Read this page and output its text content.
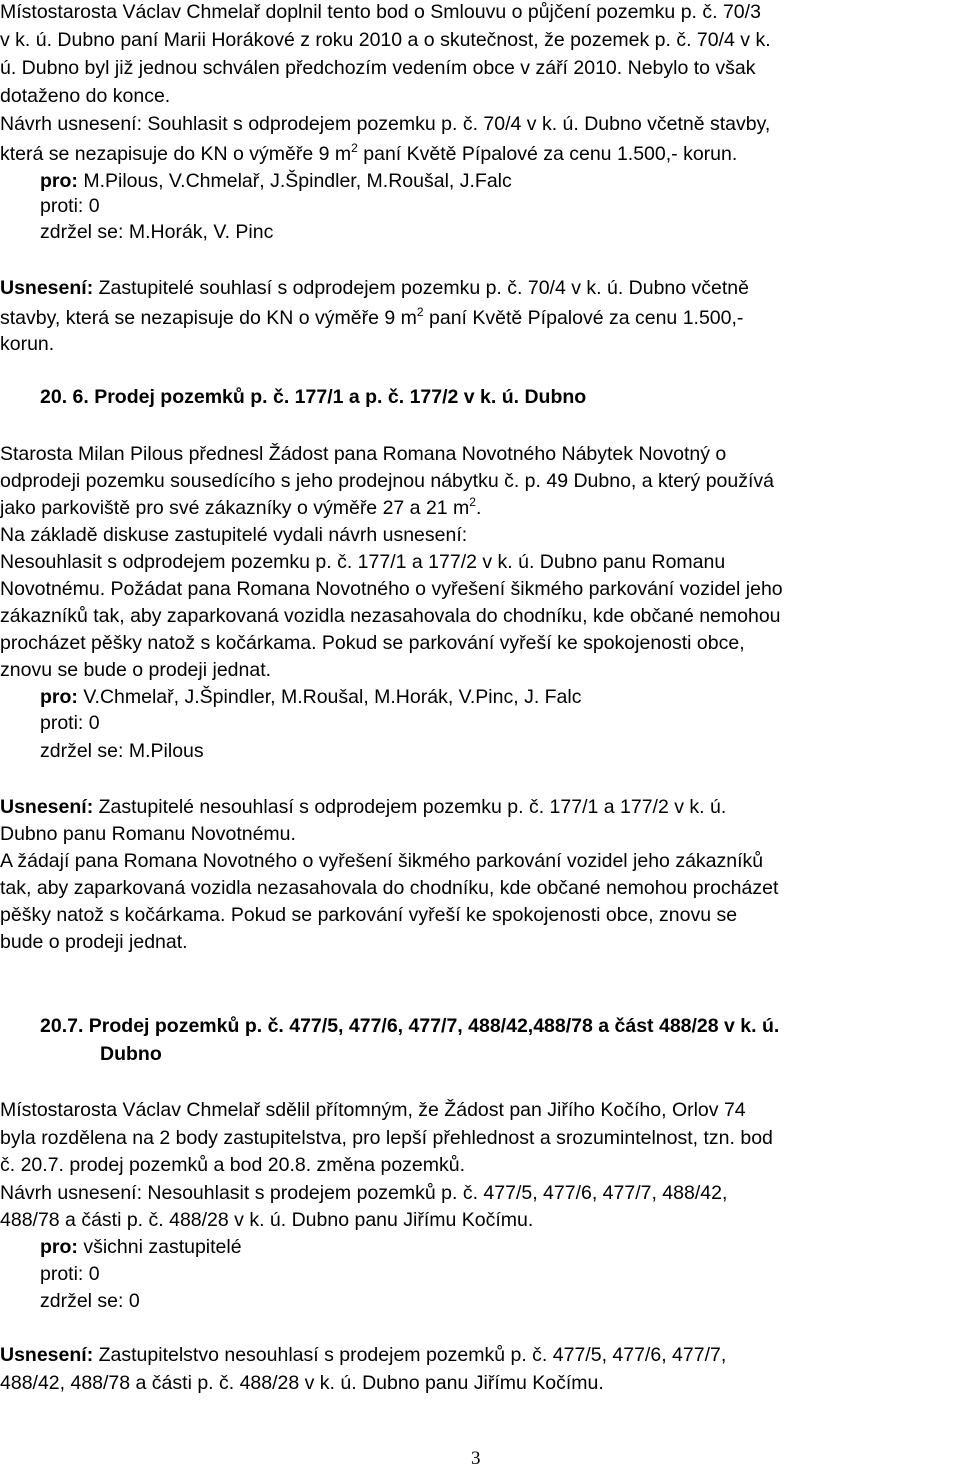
Místostarosta Václav Chmelař doplnil tento bod o Smlouvu o půjčení pozemku p. č. 70/3
v k. ú. Dubno paní Marii Horákové z roku 2010 a o skutečnost, že pozemek p. č. 70/4 v k.
ú. Dubno byl již jednou schválen předchozím vedením obce v září 2010. Nebylo to však
dotaženo do konce.
Návrh usnesení: Souhlasit s odprodejem pozemku p. č. 70/4 v k. ú. Dubno včetně stavby,
která se nezapisuje do KN o výměře 9 $m^2$ paní Květě Pípalové za cenu 1.500,- korun.
pro: M.Pilous, V.Chmelař, J.Špindler, M.Roušal, J.Falc
proti: 0
zdržel se: M.Horák, V. Pinc
Usnesení: Zastupitelé souhlasí s odprodejem pozemku p. č. 70/4 v k. ú. Dubno včetně
stavby, která se nezapisuje do KN o výměře 9 $m^2$ paní Květě Pípalové za cenu 1.500,-
korun.
20. 6. Prodej pozemků p. č. 177/1 a p. č. 177/2 v k. ú. Dubno
Starosta Milan Pilous přednesl Žádost pana Romana Novotného Nábytek Novotný o
odprodeji pozemku sousedícího s jeho prodejnou nábytku č. p. 49 Dubno, a který používá
jako parkoviště pro své zákazníky o výměře 27 a 21 $m^2$.
Na základě diskuse zastupitelé vydali návrh usnesení:
Nesouhlasit s odprodejem pozemku p. č. 177/1 a 177/2 v k. ú. Dubno panu Romanu
Novotnému. Požádat pana Romana Novotného o vyřešení šikmého parkování vozidel jeho
zákazníků tak, aby zaparkovaná vozidla nezasahovala do chodníku, kde občané nemohou
procházet pěšky natož s kočárkama. Pokud se parkování vyřeší ke spokojenosti obce,
znovu se bude o prodeji jednat.
pro: V.Chmelař, J.Špindler, M.Roušal, M.Horák, V.Pinc, J. Falc
proti: 0
zdržel se: M.Pilous
Usnesení: Zastupitelé nesouhlasí s odprodejem pozemku p. č. 177/1 a 177/2 v k. ú.
Dubno panu Romanu Novotnému.
A žádají pana Romana Novotného o vyřešení šikmého parkování vozidel jeho zákazníků
tak, aby zaparkovaná vozidla nezasahovala do chodníku, kde občané nemohou procházet
pěšky natož s kočárkama. Pokud se parkování vyřeší ke spokojenosti obce, znovu se
bude o prodeji jednat.
20.7. Prodej pozemků p. č. 477/5, 477/6, 477/7, 488/42,488/78 a část 488/28 v k. ú.
Dubno
Místostarosta Václav Chmelař sdělil přítomným, že Žádost pan Jiřího Kočího, Orlov 74
byla rozdělena na 2 body zastupitelstva, pro lepší přehlednost a srozumintelnost, tzn. bod
č. 20.7. prodej pozemků a bod 20.8. změna pozemků.
Návrh usnesení: Nesouhlasit s prodejem pozemků p. č. 477/5, 477/6, 477/7, 488/42,
488/78 a části p. č. 488/28 v k. ú. Dubno panu Jiřímu Kočímu.
pro: všichni zastupitelé
proti: 0
zdržel se: 0
Usnesení: Zastupitelstvo nesouhlasí s prodejem pozemků p. č. 477/5, 477/6, 477/7,
488/42, 488/78 a části p. č. 488/28 v k. ú. Dubno panu Jiřímu Kočímu.
3
